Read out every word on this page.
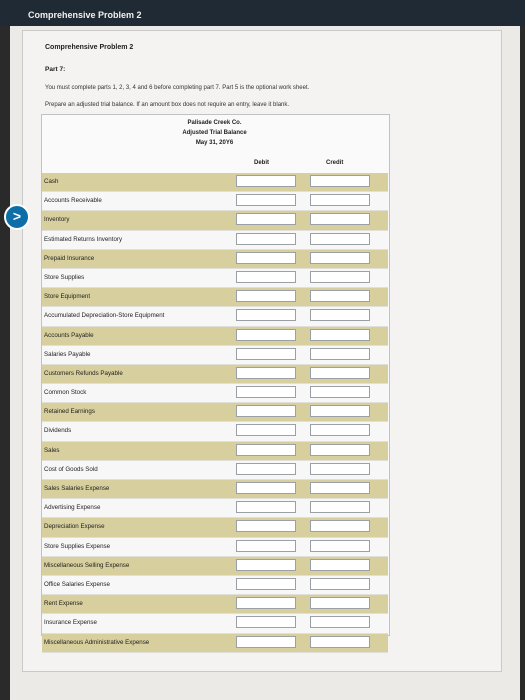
Comprehensive Problem 2
Comprehensive Problem 2
Part 7:
You must complete parts 1, 2, 3, 4 and 6 before completing part 7. Part 5 is the optional work sheet.
Prepare an adjusted trial balance. If an amount box does not require an entry, leave it blank.
Palisade Creek Co.
Adjusted Trial Balance
May 31, 20Y6
Debit	Credit
Cash
Accounts Receivable
Inventory
Estimated Returns Inventory
Prepaid Insurance
Store Supplies
Store Equipment
Accumulated Depreciation-Store Equipment
Accounts Payable
Salaries Payable
Customers Refunds Payable
Common Stock
Retained Earnings
Dividends
Sales
Cost of Goods Sold
Sales Salaries Expense
Advertising Expense
Depreciation Expense
Store Supplies Expense
Miscellaneous Selling Expense
Office Salaries Expense
Rent Expense
Insurance Expense
Miscellaneous Administrative Expense
>
